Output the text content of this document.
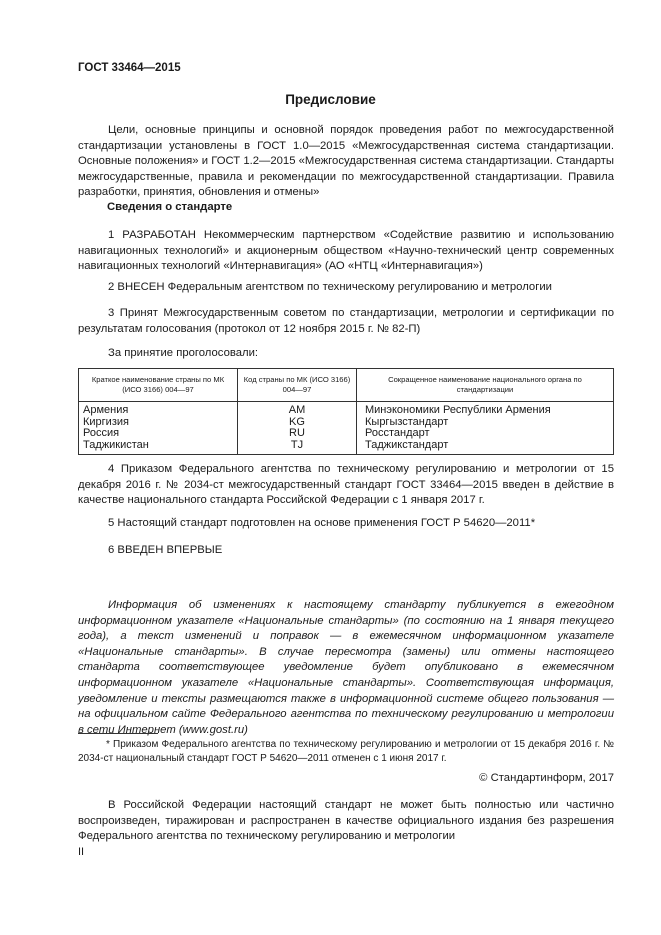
ГОСТ 33464—2015
Предисловие
Цели, основные принципы и основной порядок проведения работ по межгосударственной стандартизации установлены в ГОСТ 1.0—2015 «Межгосударственная система стандартизации. Основные положения» и ГОСТ 1.2—2015 «Межгосударственная система стандартизации. Стандарты межгосударственные, правила и рекомендации по межгосударственной стандартизации. Правила разработки, принятия, обновления и отмены»
Сведения о стандарте
1 РАЗРАБОТАН Некоммерческим партнерством «Содействие развитию и использованию навигационных технологий» и акционерным обществом «Научно-технический центр современных навигационных технологий «Интернавигация» (АО «НТЦ «Интернавигация»)
2 ВНЕСЕН Федеральным агентством по техническому регулированию и метрологии
3 Принят Межгосударственным советом по стандартизации, метрологии и сертификации по результатам голосования (протокол от 12 ноября 2015 г. № 82-П)
За принятие проголосовали:
Краткое наименование страны по МК (ИСО 3166) 004—97	Код страны по МК (ИСО 3166) 004—97	Сокращенное наименование национального органа по стандартизации
Армения	AM	Минэкономики Республики Армения
Киргизия	KG	Кыргызстандарт
Россия	RU	Росстандарт
Таджикистан	TJ	Таджикстандарт
4 Приказом Федерального агентства по техническому регулированию и метрологии от 15 декабря 2016 г. № 2034-ст межгосударственный стандарт ГОСТ 33464—2015 введен в действие в качестве национального стандарта Российской Федерации с 1 января 2017 г.
5 Настоящий стандарт подготовлен на основе применения ГОСТ Р 54620—2011*
6 ВВЕДЕН ВПЕРВЫЕ
Информация об изменениях к настоящему стандарту публикуется в ежегодном информационном указателе «Национальные стандарты» (по состоянию на 1 января текущего года), а текст изменений и поправок — в ежемесячном информационном указателе «Национальные стандарты». В случае пересмотра (замены) или отмены настоящего стандарта соответствующее уведомление будет опубликовано в ежемесячном информационном указателе «Национальные стандарты». Соответствующая информация, уведомление и тексты размещаются также в информационной системе общего пользования — на официальном сайте Федерального агентства по техническому регулированию и метрологии в сети Интернет (www.gost.ru)
* Приказом Федерального агентства по техническому регулированию и метрологии от 15 декабря 2016 г. № 2034-ст национальный стандарт ГОСТ Р 54620—2011 отменен с 1 июня 2017 г.
© Стандартинформ, 2017
В Российской Федерации настоящий стандарт не может быть полностью или частично воспроизведен, тиражирован и распространен в качестве официального издания без разрешения Федерального агентства по техническому регулированию и метрологии
II
